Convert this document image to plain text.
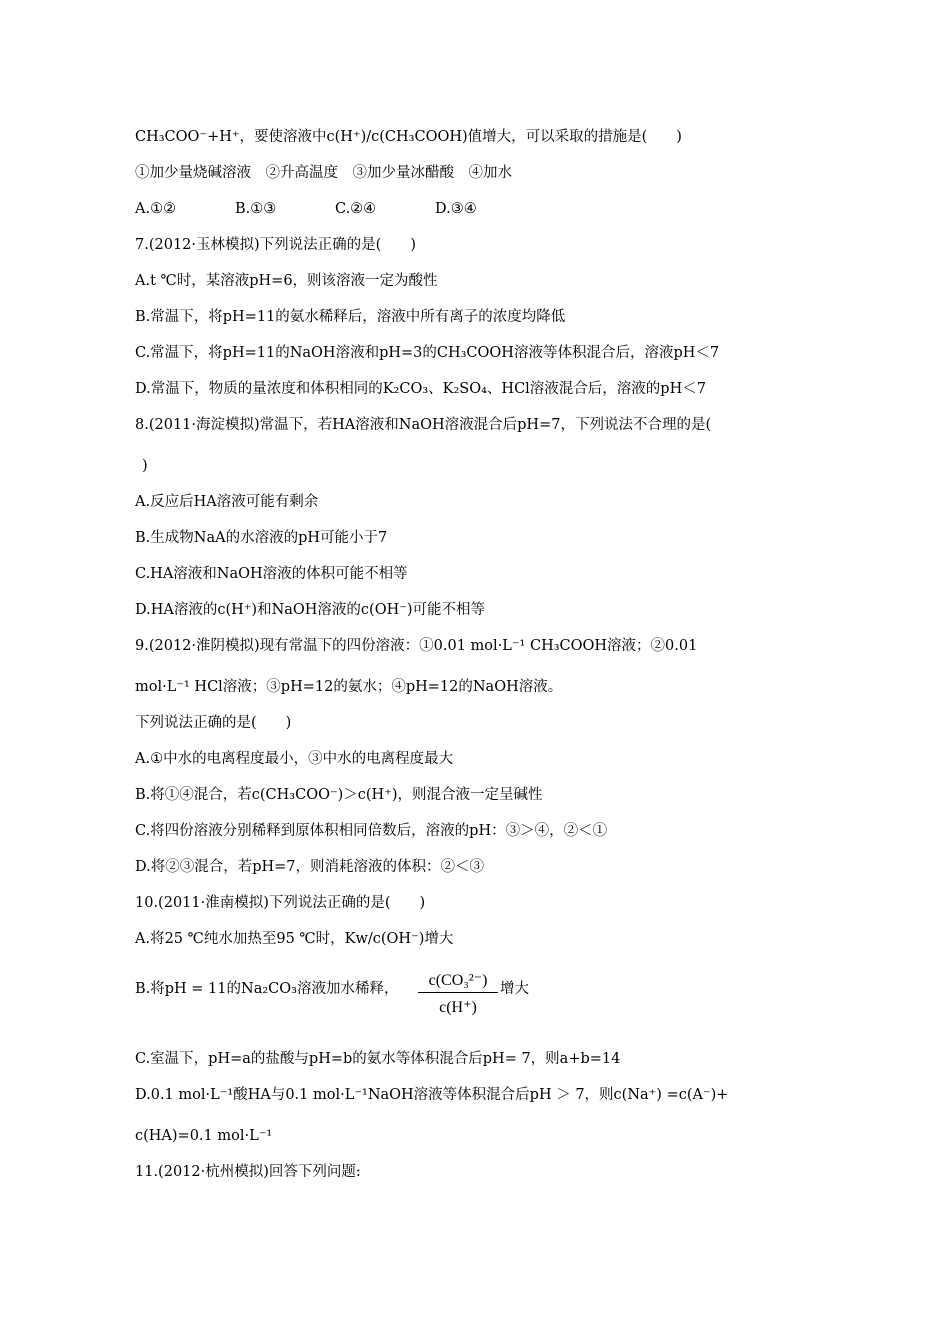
CH₃COO⁻+H⁺，要使溶液中c(H⁺)/c(CH₃COOH)值增大，可以采取的措施是(　　)
①加少量烧碱溶液　②升高温度　③加少量冰醋酸　④加水
A.①②	B.①③	C.②④	D.③④
7.(2012·玉林模拟)下列说法正确的是(　　)
A.t ℃时，某溶液pH=6，则该溶液一定为酸性
B.常温下，将pH=11的氨水稀释后，溶液中所有离子的浓度均降低
C.常温下，将pH=11的NaOH溶液和pH=3的CH₃COOH溶液等体积混合后，溶液pH＜7
D.常温下，物质的量浓度和体积相同的K₂CO₃、K₂SO₄、HCl溶液混合后，溶液的pH＜7
8.(2011·海淀模拟)常温下，若HA溶液和NaOH溶液混合后pH=7，下列说法不合理的是(
)
A.反应后HA溶液可能有剩余
B.生成物NaA的水溶液的pH可能小于7
C.HA溶液和NaOH溶液的体积可能不相等
D.HA溶液的c(H⁺)和NaOH溶液的c(OH⁻)可能不相等
9.(2012·淮阴模拟)现有常温下的四份溶液：①0.01 mol·L⁻¹ CH₃COOH溶液；②0.01
mol·L⁻¹ HCl溶液；③pH=12的氨水；④pH=12的NaOH溶液。
下列说法正确的是(　　)
A.①中水的电离程度最小，③中水的电离程度最大
B.将①④混合，若c(CH₃COO⁻)＞c(H⁺)，则混合液一定呈碱性
C.将四份溶液分别稀释到原体积相同倍数后，溶液的pH：③＞④，②＜①
D.将②③混合，若pH=7，则消耗溶液的体积：②＜③
10.(2011·淮南模拟)下列说法正确的是(　　)
A.将25 ℃纯水加热至95 ℃时，Kw/c(OH⁻)增大
B.将pH = 11的Na₂CO₃溶液加水稀释， $\frac{\text{c(CO₃²⁻)}}{c(H^+)}$ 增大
C.室温下，pH=a的盐酸与pH=b的氨水等体积混合后pH= 7，则a+b=14
D.0.1 mol·L⁻¹酸HA与0.1 mol·L⁻¹NaOH溶液等体积混合后pH ＞ 7，则c(Na⁺) =c(A⁻)+
c(HA)=0.1 mol·L⁻¹
11.(2012·杭州模拟)回答下列问题:
